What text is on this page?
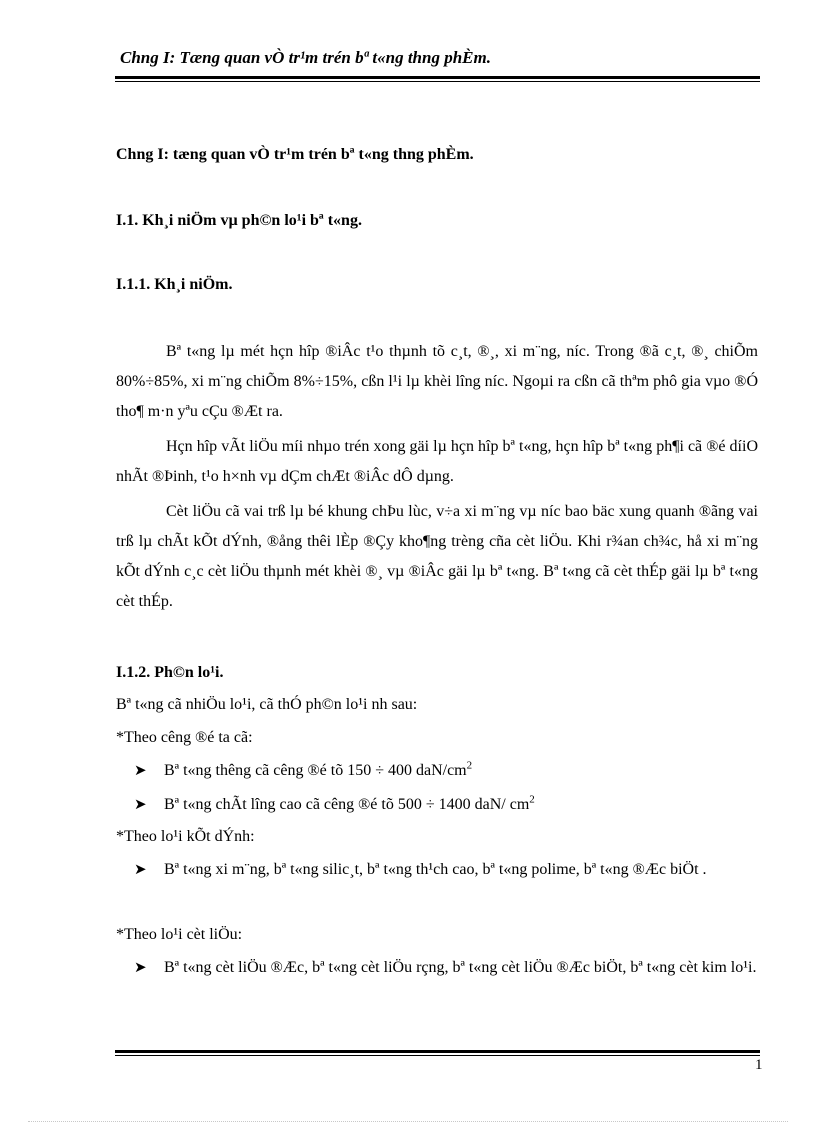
Chng I: Tæng quan vÒ tr¹m trén bª t«ng thng phÈm.
Chng I: tæng quan vÒ tr¹m trén bª t«ng thng phÈm.
I.1. Kh¸i niÖm vµ ph©n lo¹i bª t«ng.
I.1.1. Kh¸i niÖm.

Bª t«ng lµ mét hçn hîp ®iÂc t¹o thµnh tõ c¸t, ®¸, xi m¨ng, níc. Trong ®ã c¸t, ®¸ chiÕm 80%÷85%, xi m¨ng chiÕm 8%÷15%, cßn l¹i lµ khèi lîng níc. Ngoµi ra cßn cã thªm phô gia vµo ®Ó tho¶ m·n yªu cÇu ®Æt ra.

Hçn hîp vÃt liÖu míi nhµo trén xong gäi lµ hçn hîp bª t«ng, hçn hîp bª t«ng ph¶i cã ®é díiO nhÃt ®Þinh, t¹o h×nh vµ dÇm chÆt ®iÂc dÔ dµng.

Cèt liÖu cã vai trß lµ bé khung chÞu lùc, v÷a xi m¨ng vµ níc bao bäc xung quanh ®ãng vai trß lµ chÃt kÕt dÝnh, ®ång thêi lÈp ®Çy kho¶ng trèng cña cèt liÖu. Khi r¾an ch¾c, hå xi m¨ng kÕt dÝnh c¸c cèt liÖu thµnh mét khèi ®¸ vµ ®iÂc gäi lµ bª t«ng. Bª t«ng cã cèt thÉp gäi lµ bª t«ng cèt thÉp.

I.1.2. Ph©n lo¹i.
Bª t«ng cã nhiÖu lo¹i, cã thÓ ph©n lo¹i nh sau:
*Theo cêng ®é ta cã:
➤ Bª t«ng thêng cã cêng ®é tõ 150 ÷ 400 daN/$cm^2$
➤ Bª t«ng chÃt lîng cao cã cêng ®é tõ 500 ÷ 1400 daN/ $cm^2$
*Theo lo¹i kÕt dÝnh:
➤ Bª t«ng xi m¨ng, bª t«ng silic¸t, bª t«ng th¹ch cao, bª t«ng polime, bª t«ng ®Æc biÖt .
*Theo lo¹i cèt liÖu:
➤ Bª t«ng cèt liÖu ®Æc, bª t«ng cèt liÖu rçng, bª t«ng cèt liÖu ®Æc biÖt, bª t«ng cèt kim lo¹i.
1
